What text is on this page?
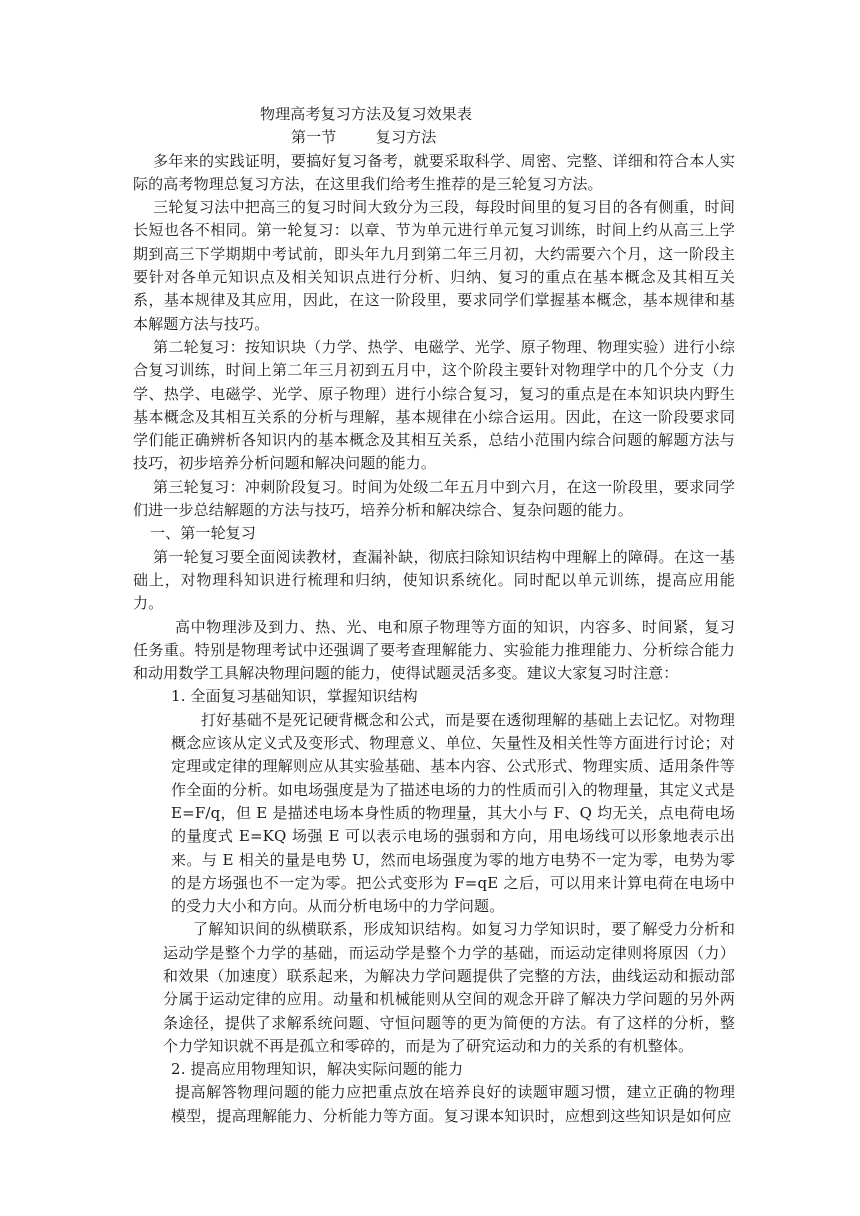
物理高考复习方法及复习效果表

第一节        复习方法

多年来的实践证明，要搞好复习备考，就要采取科学、周密、完整、详细和符合本人实际的高考物理总复习方法，在这里我们给考生推荐的是三轮复习方法。

三轮复习法中把高三的复习时间大致分为三段，每段时间里的复习目的各有侧重，时间长短也各不相同。第一轮复习：以章、节为单元进行单元复习训练，时间上约从高三上学期到高三下学期期中考试前，即头年九月到第二年三月初，大约需要六个月，这一阶段主要针对各单元知识点及相关知识点进行分析、归纳、复习的重点在基本概念及其相互关系，基本规律及其应用，因此，在这一阶段里，要求同学们掌握基本概念，基本规律和基本解题方法与技巧。

第二轮复习：按知识块（力学、热学、电磁学、光学、原子物理、物理实验）进行小综合复习训练，时间上第二年三月初到五月中，这个阶段主要针对物理学中的几个分支（力学、热学、电磁学、光学、原子物理）进行小综合复习，复习的重点是在本知识块内野生基本概念及其相互关系的分析与理解，基本规律在小综合运用。因此，在这一阶段要求同学们能正确辨析各知识内的基本概念及其相互关系，总结小范围内综合问题的解题方法与技巧，初步培养分析问题和解决问题的能力。

第三轮复习：冲刺阶段复习。时间为处级二年五月中到六月，在这一阶段里，要求同学们进一步总结解题的方法与技巧，培养分析和解决综合、复杂问题的能力。

一、第一轮复习

第一轮复习要全面阅读教材，查漏补缺，彻底扫除知识结构中理解上的障碍。在这一基础上，对物理科知识进行梳理和归纳，使知识系统化。同时配以单元训练，提高应用能力。

高中物理涉及到力、热、光、电和原子物理等方面的知识，内容多、时间紧，复习任务重。特别是物理考试中还强调了要考查理解能力、实验能力推理能力、分析综合能力和动用数学工具解决物理问题的能力，使得试题灵活多变。建议大家复习时注意：

1. 全面复习基础知识，掌握知识结构

打好基础不是死记硬背概念和公式，而是要在透彻理解的基础上去记忆。对物理概念应该从定义式及变形式、物理意义、单位、矢量性及相关性等方面进行讨论；对定理或定律的理解则应从其实验基础、基本内容、公式形式、物理实质、适用条件等作全面的分析。如电场强度是为了描述电场的力的性质而引入的物理量，其定义式是E=F/q，但 E 是描述电场本身性质的物理量，其大小与 F、Q 均无关，点电荷电场的量度式 E=KQ 场强 E 可以表示电场的强弱和方向，用电场线可以形象地表示出来。与 E 相关的量是电势 U，然而电场强度为零的地方电势不一定为零，电势为零的是方场强也不一定为零。把公式变形为 F=qE 之后，可以用来计算电荷在电场中的受力大小和方向。从而分析电场中的力学问题。

了解知识间的纵横联系，形成知识结构。如复习力学知识时，要了解受力分析和运动学是整个力学的基础，而运动学是整个力学的基础，而运动定律则将原因（力）和效果（加速度）联系起来，为解决力学问题提供了完整的方法，曲线运动和振动部分属于运动定律的应用。动量和机械能则从空间的观念开辟了解决力学问题的另外两条途径，提供了求解系统问题、守恒问题等的更为简便的方法。有了这样的分析，整个力学知识就不再是孤立和零碎的，而是为了研究运动和力的关系的有机整体。

2. 提高应用物理知识，解决实际问题的能力

提高解答物理问题的能力应把重点放在培养良好的读题审题习惯，建立正确的物理模型，提高理解能力、分析能力等方面。复习课本知识时，应想到这些知识是如何应
